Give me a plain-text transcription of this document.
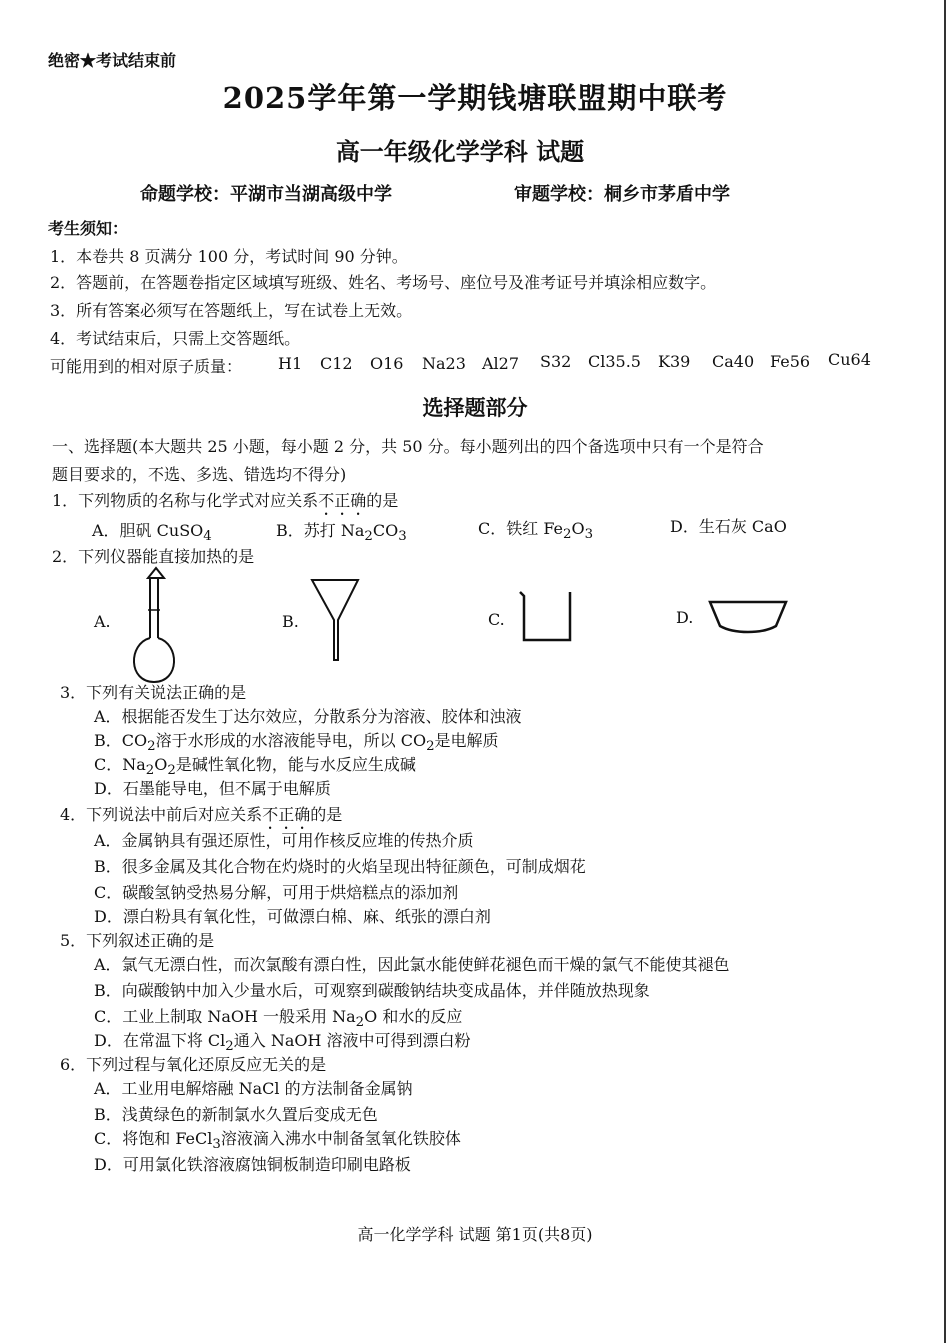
绝密★考试结束前
2025学年第一学期钱塘联盟期中联考
高一年级化学学科 试题
命题学校：平湖市当湖高级中学	审题学校：桐乡市茅盾中学
考生须知：
1．本卷共 8 页满分 100 分，考试时间 90 分钟。
2．答题前，在答题卷指定区域填写班级、姓名、考场号、座位号及准考证号并填涂相应数字。
3．所有答案必须写在答题纸上，写在试卷上无效。
4．考试结束后，只需上交答题纸。
可能用到的相对原子质量： H1 C12 O16 Na23 Al27 S32 Cl35.5 K39 Ca40 Fe56 Cu64
选择题部分
一、选择题(本大题共 25 小题，每小题 2 分，共 50 分。每小题列出的四个备选项中只有一个是符合
题目要求的，不选、多选、错选均不得分)
1．下列物质的名称与化学式对应关系不正确的是
A．胆矾 CuSO$_4$	B．苏打 $Na_2CO_3$	C．铁红 $Fe_2O_3$	D．生石灰 CaO
2．下列仪器能直接加热的是
A.	B.	C.	D.
3．下列有关说法正确的是
A．根据能否发生丁达尔效应，分散系分为溶液、胶体和浊液
B．$CO_2$溶于水形成的水溶液能导电，所以 $CO_2$是电解质
C．$Na_2O_2$是碱性氧化物，能与水反应生成碱
D．石墨能导电，但不属于电解质
4．下列说法中前后对应关系不正确的是
A．金属钠具有强还原性，可用作核反应堆的传热介质
B．很多金属及其化合物在灼烧时的火焰呈现出特征颜色，可制成烟花
C．碳酸氢钠受热易分解，可用于烘焙糕点的添加剂
D．漂白粉具有氧化性，可做漂白棉、麻、纸张的漂白剂
5．下列叙述正确的是
A．氯气无漂白性，而次氯酸有漂白性，因此氯水能使鲜花褪色而干燥的氯气不能使其褪色
B．向碳酸钠中加入少量水后，可观察到碳酸钠结块变成晶体，并伴随放热现象
C．工业上制取 NaOH 一般采用 $Na_2O$ 和水的反应
D．在常温下将 $Cl_2$通入 NaOH 溶液中可得到漂白粉
6．下列过程与氧化还原反应无关的是
A．工业用电解熔融 NaCl 的方法制备金属钠
B．浅黄绿色的新制氯水久置后变成无色
C．将饱和 FeCl$_3$溶液滴入沸水中制备氢氧化铁胶体
D．可用氯化铁溶液腐蚀铜板制造印刷电路板
高一化学学科 试题 第1页(共8页)
